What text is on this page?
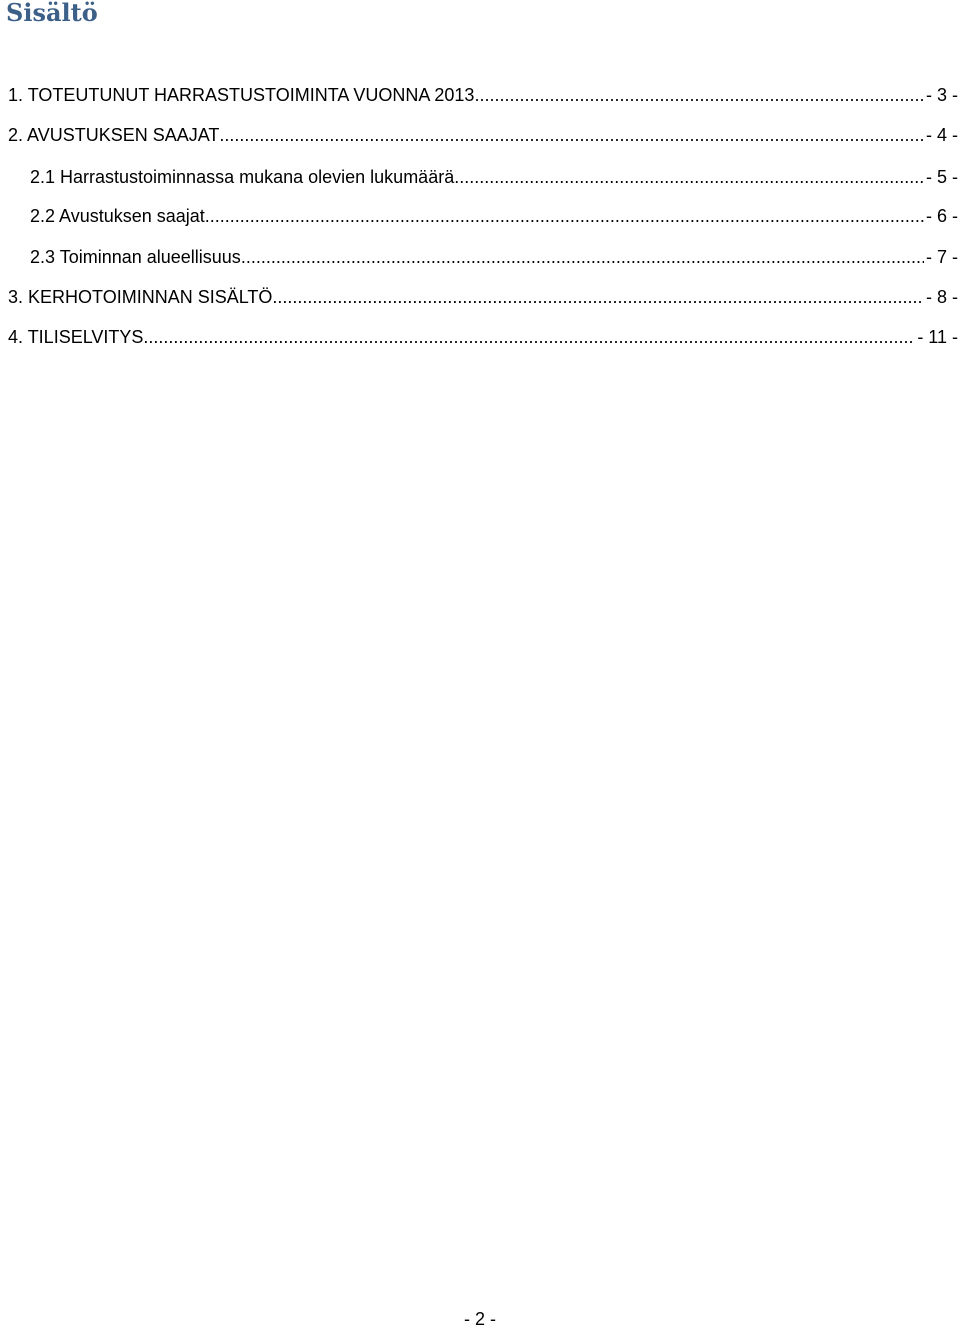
Sisältö
1. TOTEUTUNUT HARRASTUSTOIMINTA VUONNA 2013 .....	- 3 -
2. AVUSTUKSEN SAAJAT .....	- 4 -
2.1 Harrastustoiminnassa mukana olevien lukumäärä .....	- 5 -
2.2 Avustuksen saajat .....	- 6 -
2.3 Toiminnan alueellisuus .....	- 7 -
3. KERHOTOIMINNAN SISÄLTÖ .....	- 8 -
4. TILISELVITYS .....	- 11 -
- 2 -
